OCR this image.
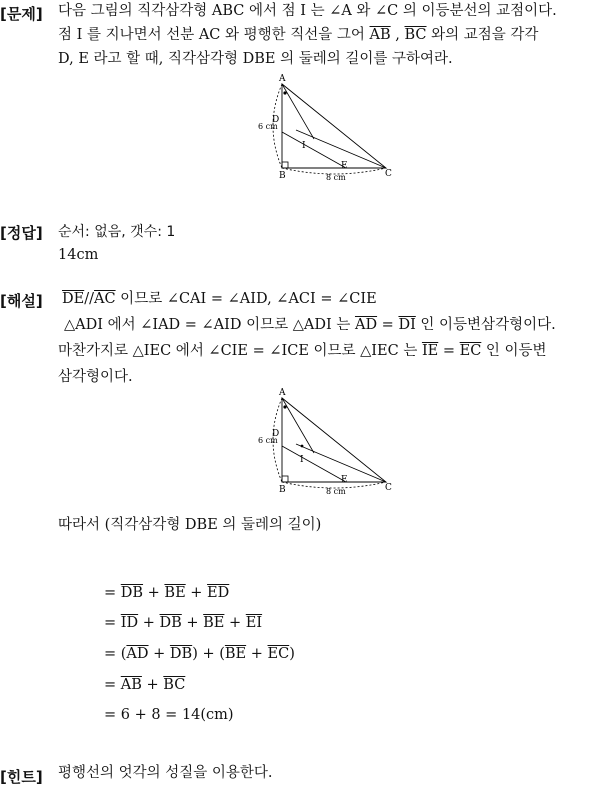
[문제] 다음 그림의 직각삼각형 ABC 에서 점 I 는 ∠A 와 ∠C 의 이등분선의 교점이다.
점 I 를 지나면서 선분 AC 와 평행한 직선을 그어 $\overline{AB}$ , $\overline{BC}$ 와의 교점을 각각
D, E 라고 할 때, 직각삼각형 DBE 의 둘레의 길이를 구하여라.
A
B	C
D
E
I
6 cm
8 cm
[정답] 순서: 없음, 갯수: 1
14cm
[해설] $\overline{DE}//\overline{AC}$ 이므로 ∠CAI = ∠AID, ∠ACI = ∠CIE
△ADI 에서 ∠IAD = ∠AID 이므로 △ADI 는 $\overline{AD} = \overline{DI}$ 인 이등변삼각형이다.
마찬가지로 △IEC 에서 ∠CIE = ∠ICE 이므로 △IEC 는 $\overline{IE} = \overline{EC}$ 인 이등변
삼각형이다.
A
B	C
D
E
I
6 cm
8 cm
따라서 (직각삼각형 DBE 의 둘레의 길이)
= $\overline{DB} + \overline{BE} + \overline{ED}$
= $\overline{ID} + \overline{DB} + \overline{BE} + \overline{EI}$
= $(\overline{AD} + \overline{DB}) + (\overline{BE} + \overline{EC})$
= $\overline{AB} + \overline{BC}$
= 6 + 8 = 14(cm)
[힌트] 평행선의 엇각의 성질을 이용한다.
